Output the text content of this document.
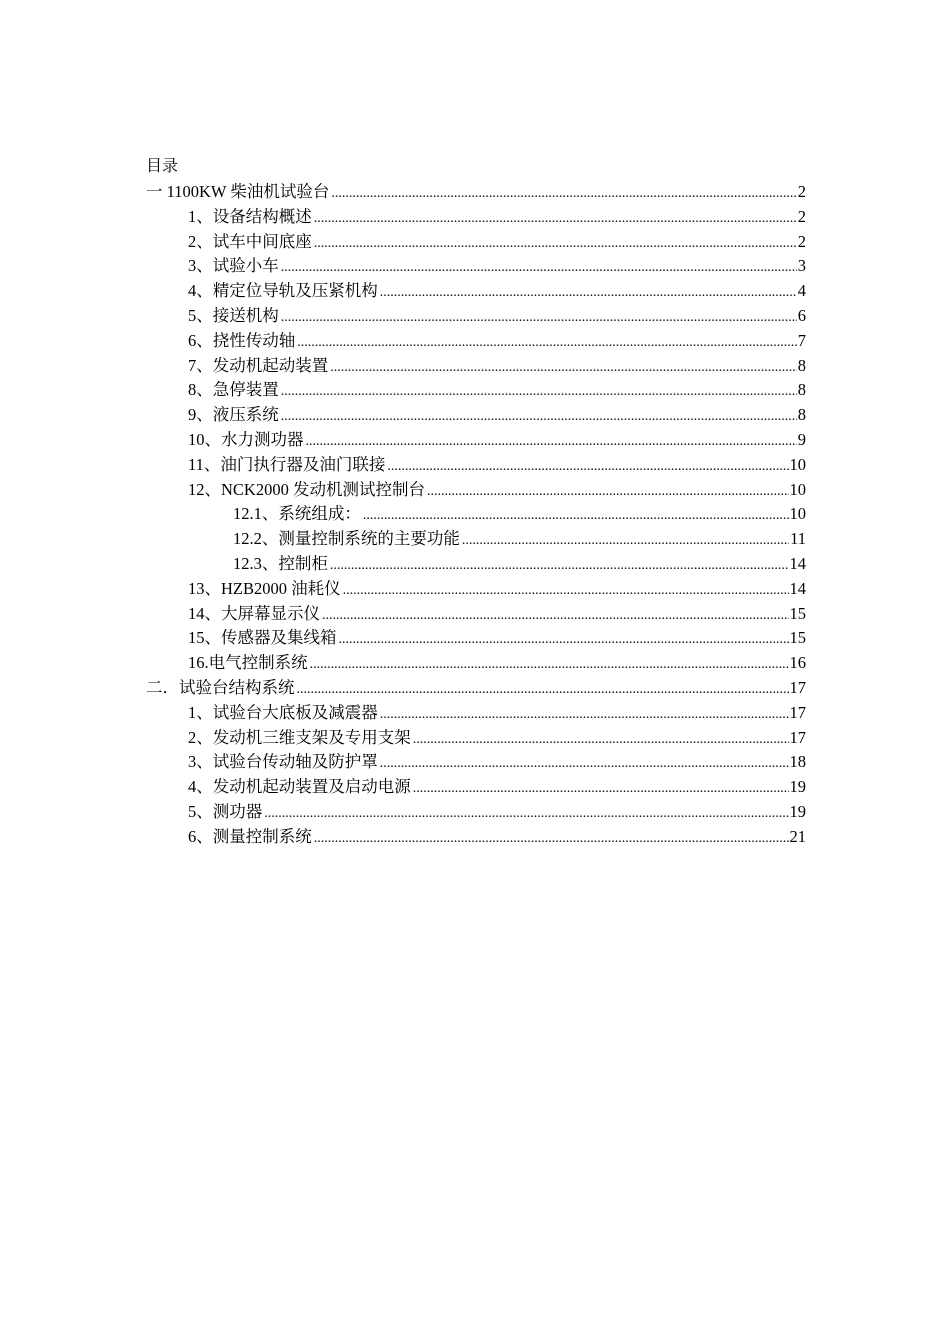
目录
一 1100KW 柴油机试验台 .....	2
1、设备结构概述 .....	2
2、试车中间底座 .....	2
3、试验小车 .....	3
4、精定位导轨及压紧机构 .....	4
5、接送机构 .....	6
6、挠性传动轴 .....	7
7、发动机起动装置 .....	8
8、急停装置 .....	8
9、液压系统 .....	8
10、水力测功器 .....	9
11、油门执行器及油门联接 .....	10
12、NCK2000 发动机测试控制台 .....	10
12.1、系统组成： .....	10
12.2、测量控制系统的主要功能 .....	11
12.3、控制柜 .....	14
13、HZB2000 油耗仪 .....	14
14、大屏幕显示仪 .....	15
15、传感器及集线箱 .....	15
16.电气控制系统 .....	16
二．试验台结构系统 .....	17
1、试验台大底板及减震器 .....	17
2、发动机三维支架及专用支架 .....	17
3、试验台传动轴及防护罩 .....	18
4、发动机起动装置及启动电源 .....	19
5、测功器 .....	19
6、测量控制系统 .....	21
